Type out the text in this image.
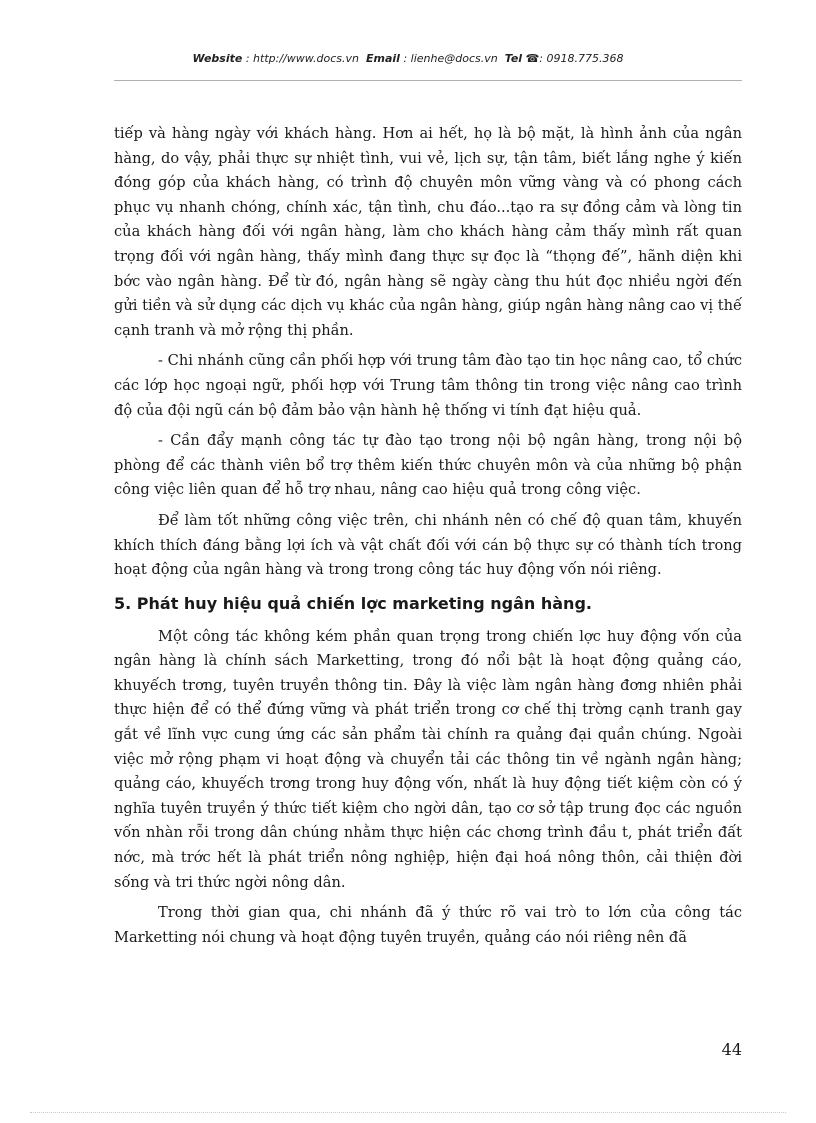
Website : http://www.docs.vn Email : lienhe@docs.vn Tel ☎: 0918.775.368

tiếp và hàng ngày với khách hàng. Hơn ai hết, họ là bộ mặt, là hình ảnh của ngân hàng, do vậy, phải thực sự nhiệt tình, vui vẻ, lịch sự, tận tâm, biết lắng nghe ý kiến đóng góp của khách hàng, có trình độ chuyên môn vững vàng và có phong cách phục vụ nhanh chóng, chính xác, tận tình, chu đáo...tạo ra sự đồng cảm và lòng tin của khách hàng đối với ngân hàng, làm cho khách hàng cảm thấy mình rất quan trọng đối với ngân hàng, thấy mình đang thực sự đọc là “thọng đế”, hãnh diện khi bớc vào ngân hàng. Để từ đó, ngân hàng sẽ ngày càng thu hút đọc nhiều ngời đến gửi tiền và sử dụng các dịch vụ khác của ngân hàng, giúp ngân hàng nâng cao vị thế cạnh tranh và mở rộng thị phần.

- Chi nhánh cũng cần phối hợp với trung tâm đào tạo tin học nâng cao, tổ chức các lớp học ngoại ngữ, phối hợp với Trung tâm thông tin trong việc nâng cao trình độ của đội ngũ cán bộ đảm bảo vận hành hệ thống vi tính đạt hiệu quả.

- Cần đẩy mạnh công tác tự đào tạo trong nội bộ ngân hàng, trong nội bộ phòng để các thành viên bổ trợ thêm kiến thức chuyên môn và của những bộ phận công việc liên quan để hỗ trợ nhau, nâng cao hiệu quả trong công việc.

Để làm tốt những công việc trên, chi nhánh nên có chế độ quan tâm, khuyến khích thích đáng bằng lợi ích và vật chất đối với cán bộ thực sự có thành tích trong hoạt động của ngân hàng và trong trong công tác huy động vốn nói riêng.

5. Phát huy hiệu quả chiến lợc marketing ngân hàng.

Một công tác không kém phần quan trọng trong chiến lợc huy động vốn của ngân hàng là chính sách Marketting, trong đó nổi bật là hoạt động quảng cáo, khuyếch trơng, tuyên truyền thông tin. Đây là việc làm ngân hàng đơng nhiên phải thực hiện để có thể đứng vững và phát triển trong cơ chế thị trờng cạnh tranh gay gắt về lĩnh vực cung ứng các sản phẩm tài chính ra quảng đại quần chúng. Ngoài việc mở rộng phạm vi hoạt động và chuyển tải các thông tin về ngành ngân hàng; quảng cáo, khuyếch trơng trong huy động vốn, nhất là huy động tiết kiệm còn có ý nghĩa tuyên truyền ý thức tiết kiệm cho ngời dân, tạo cơ sở tập trung đọc các nguồn vốn nhàn rỗi trong dân chúng nhằm thực hiện các chơng trình đầu t, phát triển đất nớc, mà trớc hết là phát triển nông nghiệp, hiện đại hoá nông thôn, cải thiện đời sống và tri thức ngời nông dân.

Trong thời gian qua, chi nhánh đã ý thức rõ vai trò to lớn của công tác Marketting nói chung và hoạt động tuyên truyền, quảng cáo nói riêng nên đã

44
